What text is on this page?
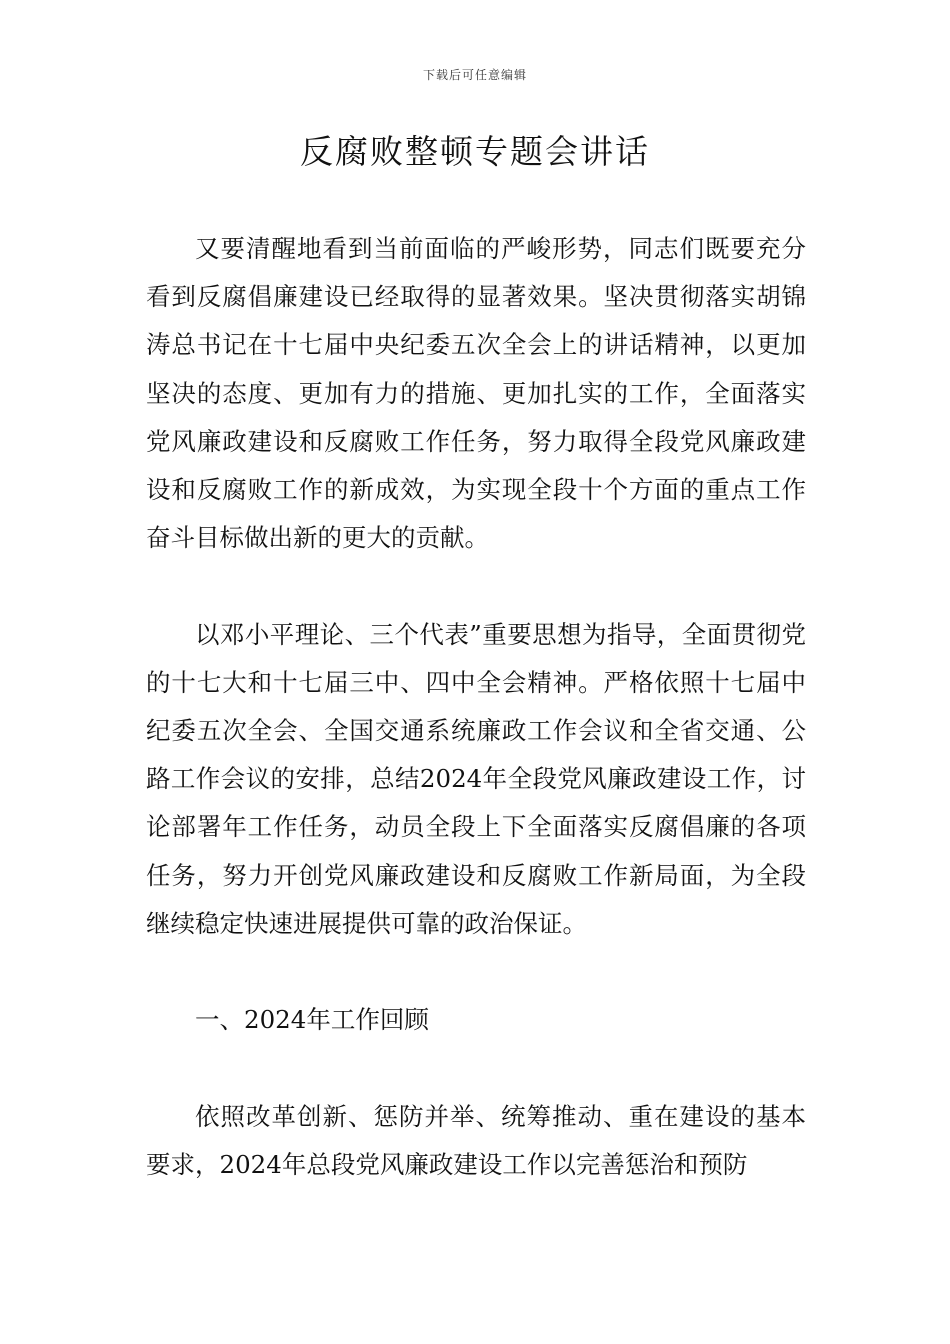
下载后可任意编辑
反腐败整顿专题会讲话

又要清醒地看到当前面临的严峻形势，同志们既要充分看到反腐倡廉建设已经取得的显著效果。坚决贯彻落实胡锦涛总书记在十七届中央纪委五次全会上的讲话精神，以更加坚决的态度、更加有力的措施、更加扎实的工作，全面落实党风廉政建设和反腐败工作任务，努力取得全段党风廉政建设和反腐败工作的新成效，为实现全段十个方面的重点工作奋斗目标做出新的更大的贡献。

以邓小平理论、三个代表”重要思想为指导，全面贯彻党的十七大和十七届三中、四中全会精神。严格依照十七届中纪委五次全会、全国交通系统廉政工作会议和全省交通、公路工作会议的安排，总结2024年全段党风廉政建设工作，讨论部署年工作任务，动员全段上下全面落实反腐倡廉的各项任务，努力开创党风廉政建设和反腐败工作新局面，为全段继续稳定快速进展提供可靠的政治保证。

一、2024年工作回顾

依照改革创新、惩防并举、统筹推动、重在建设的基本要求，2024年总段党风廉政建设工作以完善惩治和预防
